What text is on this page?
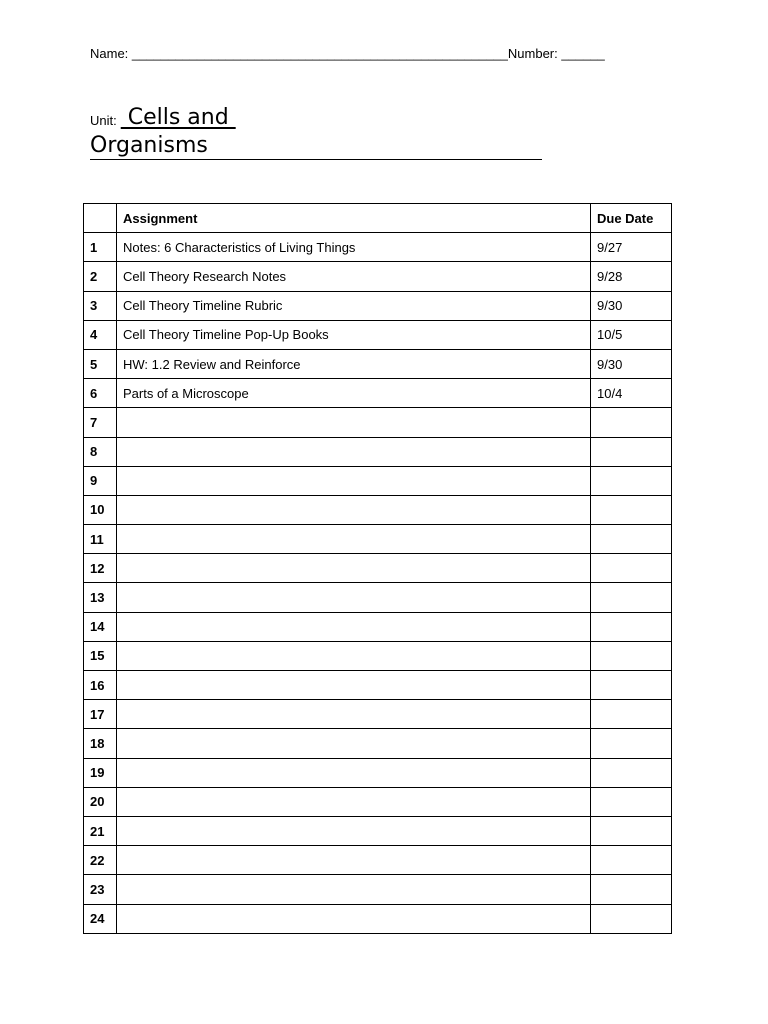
Name: ____________________________________________________Number: ______
Unit: Cells and
Organisms
	Assignment	Due Date
1	Notes: 6 Characteristics of Living Things	9/27
2	Cell Theory Research Notes	9/28
3	Cell Theory Timeline Rubric	9/30
4	Cell Theory Timeline Pop-Up Books	10/5
5	HW: 1.2 Review and Reinforce	9/30
6	Parts of a Microscope	10/4
7		
8		
9		
10		
11		
12		
13		
14		
15		
16		
17		
18		
19		
20		
21		
22		
23		
24		
